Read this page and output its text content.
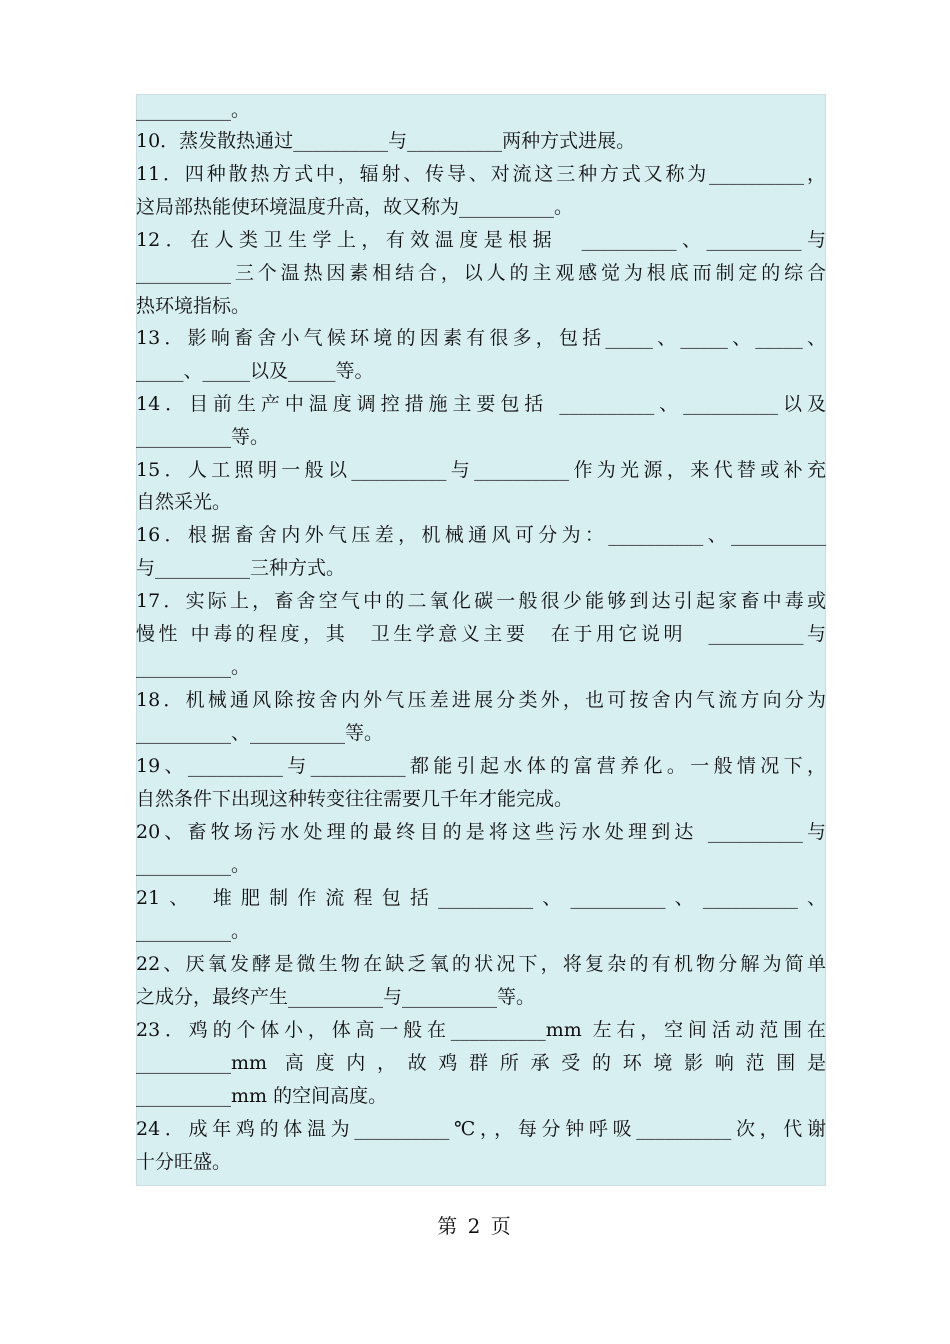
__________。
10．蒸发散热通过__________与__________两种方式进展。
11．四种散热方式中，辐射、传导、对流这三种方式又称为__________，
这局部热能使环境温度升高，故又称为__________。
12．在人类卫生学上，有效温度是根据　__________、__________与
__________三个温热因素相结合，以人的主观感觉为根底而制定的综合
热环境指标。
13．影响畜舍小气候环境的因素有很多，包括_____、_____、_____、
_____、_____以及_____等。
14．目前生产中温度调控措施主要包括 __________、__________以及
__________等。
15．人工照明一般以__________与__________作为光源，来代替或补充
自然采光。
16．根据畜舍内外气压差，机械通风可分为：__________、__________
与__________三种方式。
17．实际上，畜舍空气中的二氧化碳一般很少能够到达引起家畜中毒或
慢性 中毒的程度，其　卫生学意义主要　在于用它说明　__________与
__________。
18．机械通风除按舍内外气压差进展分类外，也可按舍内气流方向分为
__________、__________等。
19、__________与__________都能引起水体的富营养化。一般情况下，
自然条件下出现这种转变往往需要几千年才能完成。
20、畜牧场污水处理的最终目的是将这些污水处理到达 __________与
__________。
21、 堆肥制作流程包括__________、__________、__________、
__________。
22、厌氧发酵是微生物在缺乏氧的状况下，将复杂的有机物分解为简单
之成分，最终产生__________与__________等。
23．鸡的个体小，体高一般在__________mm 左右，空间活动范围在
__________mm 高度内，故鸡群所承受的环境影响范围是
__________mm 的空间高度。
24．成年鸡的体温为__________℃，，每分钟呼吸__________次，代谢
十分旺盛。
第 2 页
